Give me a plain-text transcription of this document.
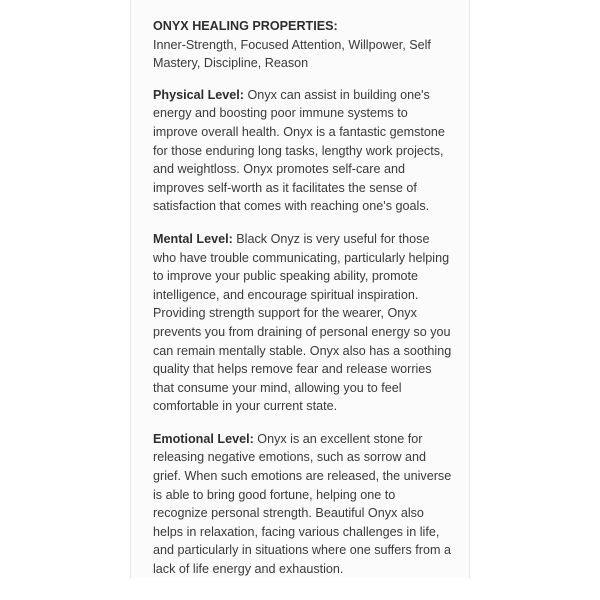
ONYX HEALING PROPERTIES:

Inner-Strength, Focused Attention, Willpower, Self Mastery, Discipline, Reason

Physical Level: Onyx can assist in building one's energy and boosting poor immune systems to improve overall health. Onyx is a fantastic gemstone for those enduring long tasks, lengthy work projects, and weightloss. Onyx promotes self-care and improves self-worth as it facilitates the sense of satisfaction that comes with reaching one's goals.

Mental Level: Black Onyz is very useful for those who have trouble communicating, particularly helping to improve your public speaking ability, promote intelligence, and encourage spiritual inspiration. Providing strength support for the wearer, Onyx prevents you from draining of personal energy so you can remain mentally stable. Onyx also has a soothing quality that helps remove fear and release worries that consume your mind, allowing you to feel comfortable in your current state.

Emotional Level: Onyx is an excellent stone for releasing negative emotions, such as sorrow and grief. When such emotions are released, the universe is able to bring good fortune, helping one to recognize personal strength. Beautiful Onyx also helps in relaxation, facing various challenges in life, and particularly in situations where one suffers from a lack of life energy and exhaustion.
